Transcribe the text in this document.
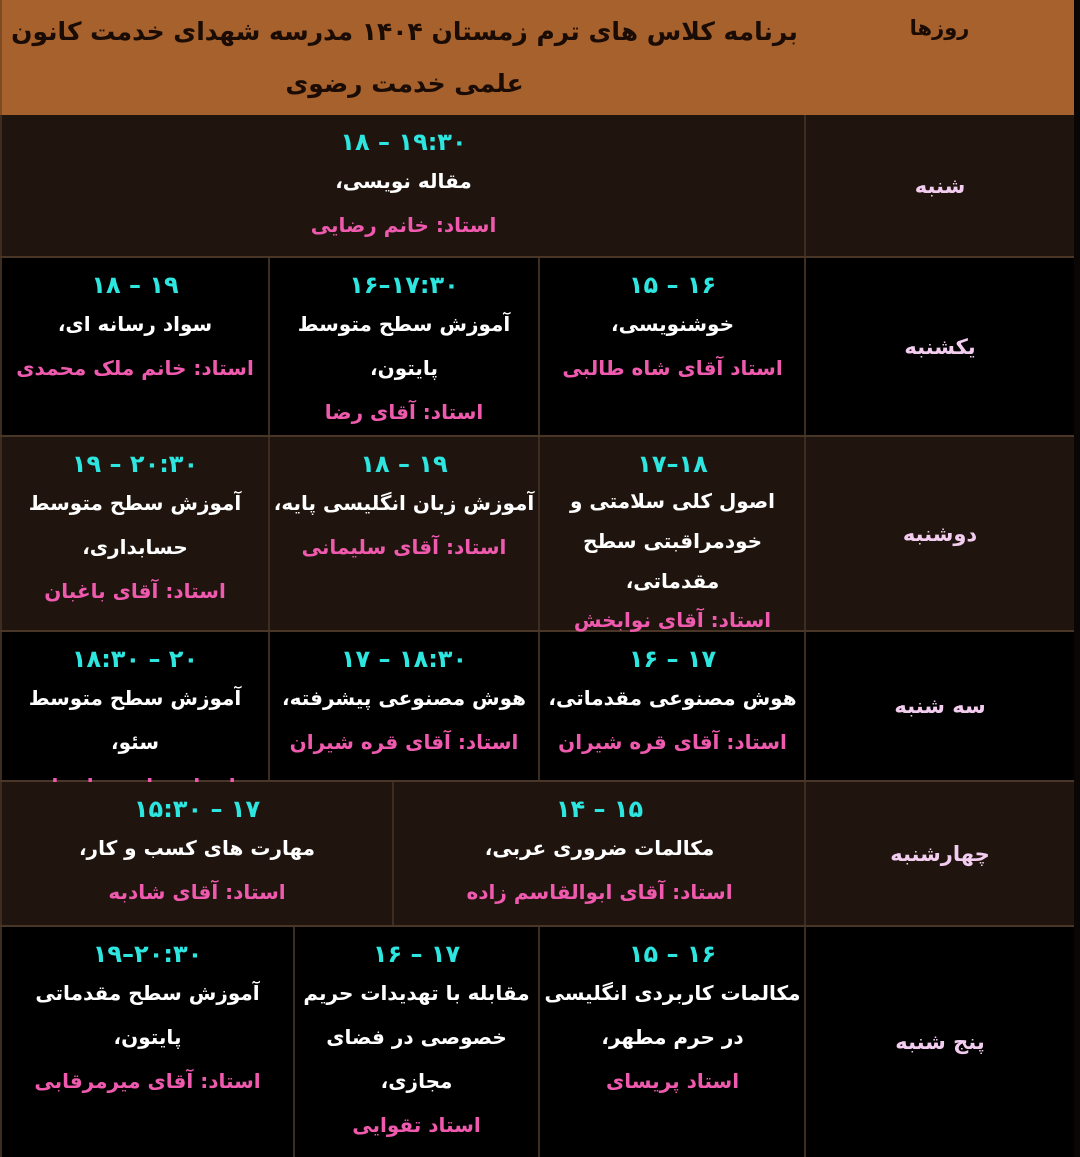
برنامه کلاس های ترم زمستان ۱۴۰۴ مدرسه شهدای خدمت کانون
علمی خدمت رضوی
روزها
شنبه
۱۸ – ۱۹:۳۰
مقاله نویسی،
استاد: خانم رضایی
یکشنبه
۱۵ – ۱۶
خوشنویسی،
استاد آقای شاه طالبی
۱۶–۱۷:۳۰
آموزش سطح متوسط
پایتون،
استاد: آقای رضا
۱۸ – ۱۹
سواد رسانه ای،
استاد: خانم ملک محمدی
دوشنبه
۱۷–۱۸
اصول کلی سلامتی و
خودمراقبتی سطح مقدماتی،
استاد: آقای نوابخش
۱۸ – ۱۹
آموزش زبان انگلیسی پایه،
استاد: آقای سلیمانی
۱۹ – ۲۰:۳۰
آموزش سطح متوسط
حسابداری،
استاد: آقای باغبان
سه شنبه
۱۶ – ۱۷
هوش مصنوعی مقدماتی،
استاد: آقای قره شیران
۱۷ – ۱۸:۳۰
هوش مصنوعی پیشرفته،
استاد: آقای قره شیران
۱۸:۳۰ – ۲۰
آموزش سطح متوسط سئو،
چهارشنبه
۱۴ – ۱۵
مکالمات ضروری عربی،
استاد: آقای ابوالقاسم زاده
۱۵:۳۰ – ۱۷
مهارت های کسب و کار،
استاد: آقای شادبه
پنج شنبه
۱۵ – ۱۶
مکالمات کاربردی انگلیسی
در حرم مطهر،
استاد پریسای
۱۶ – ۱۷
مقابله با تهدیدات حریم
خصوصی در فضای
مجازی،
استاد تقوایی
۱۹–۲۰:۳۰
آموزش سطح مقدماتی پایتون،
استاد: آقای میرمرقابی
